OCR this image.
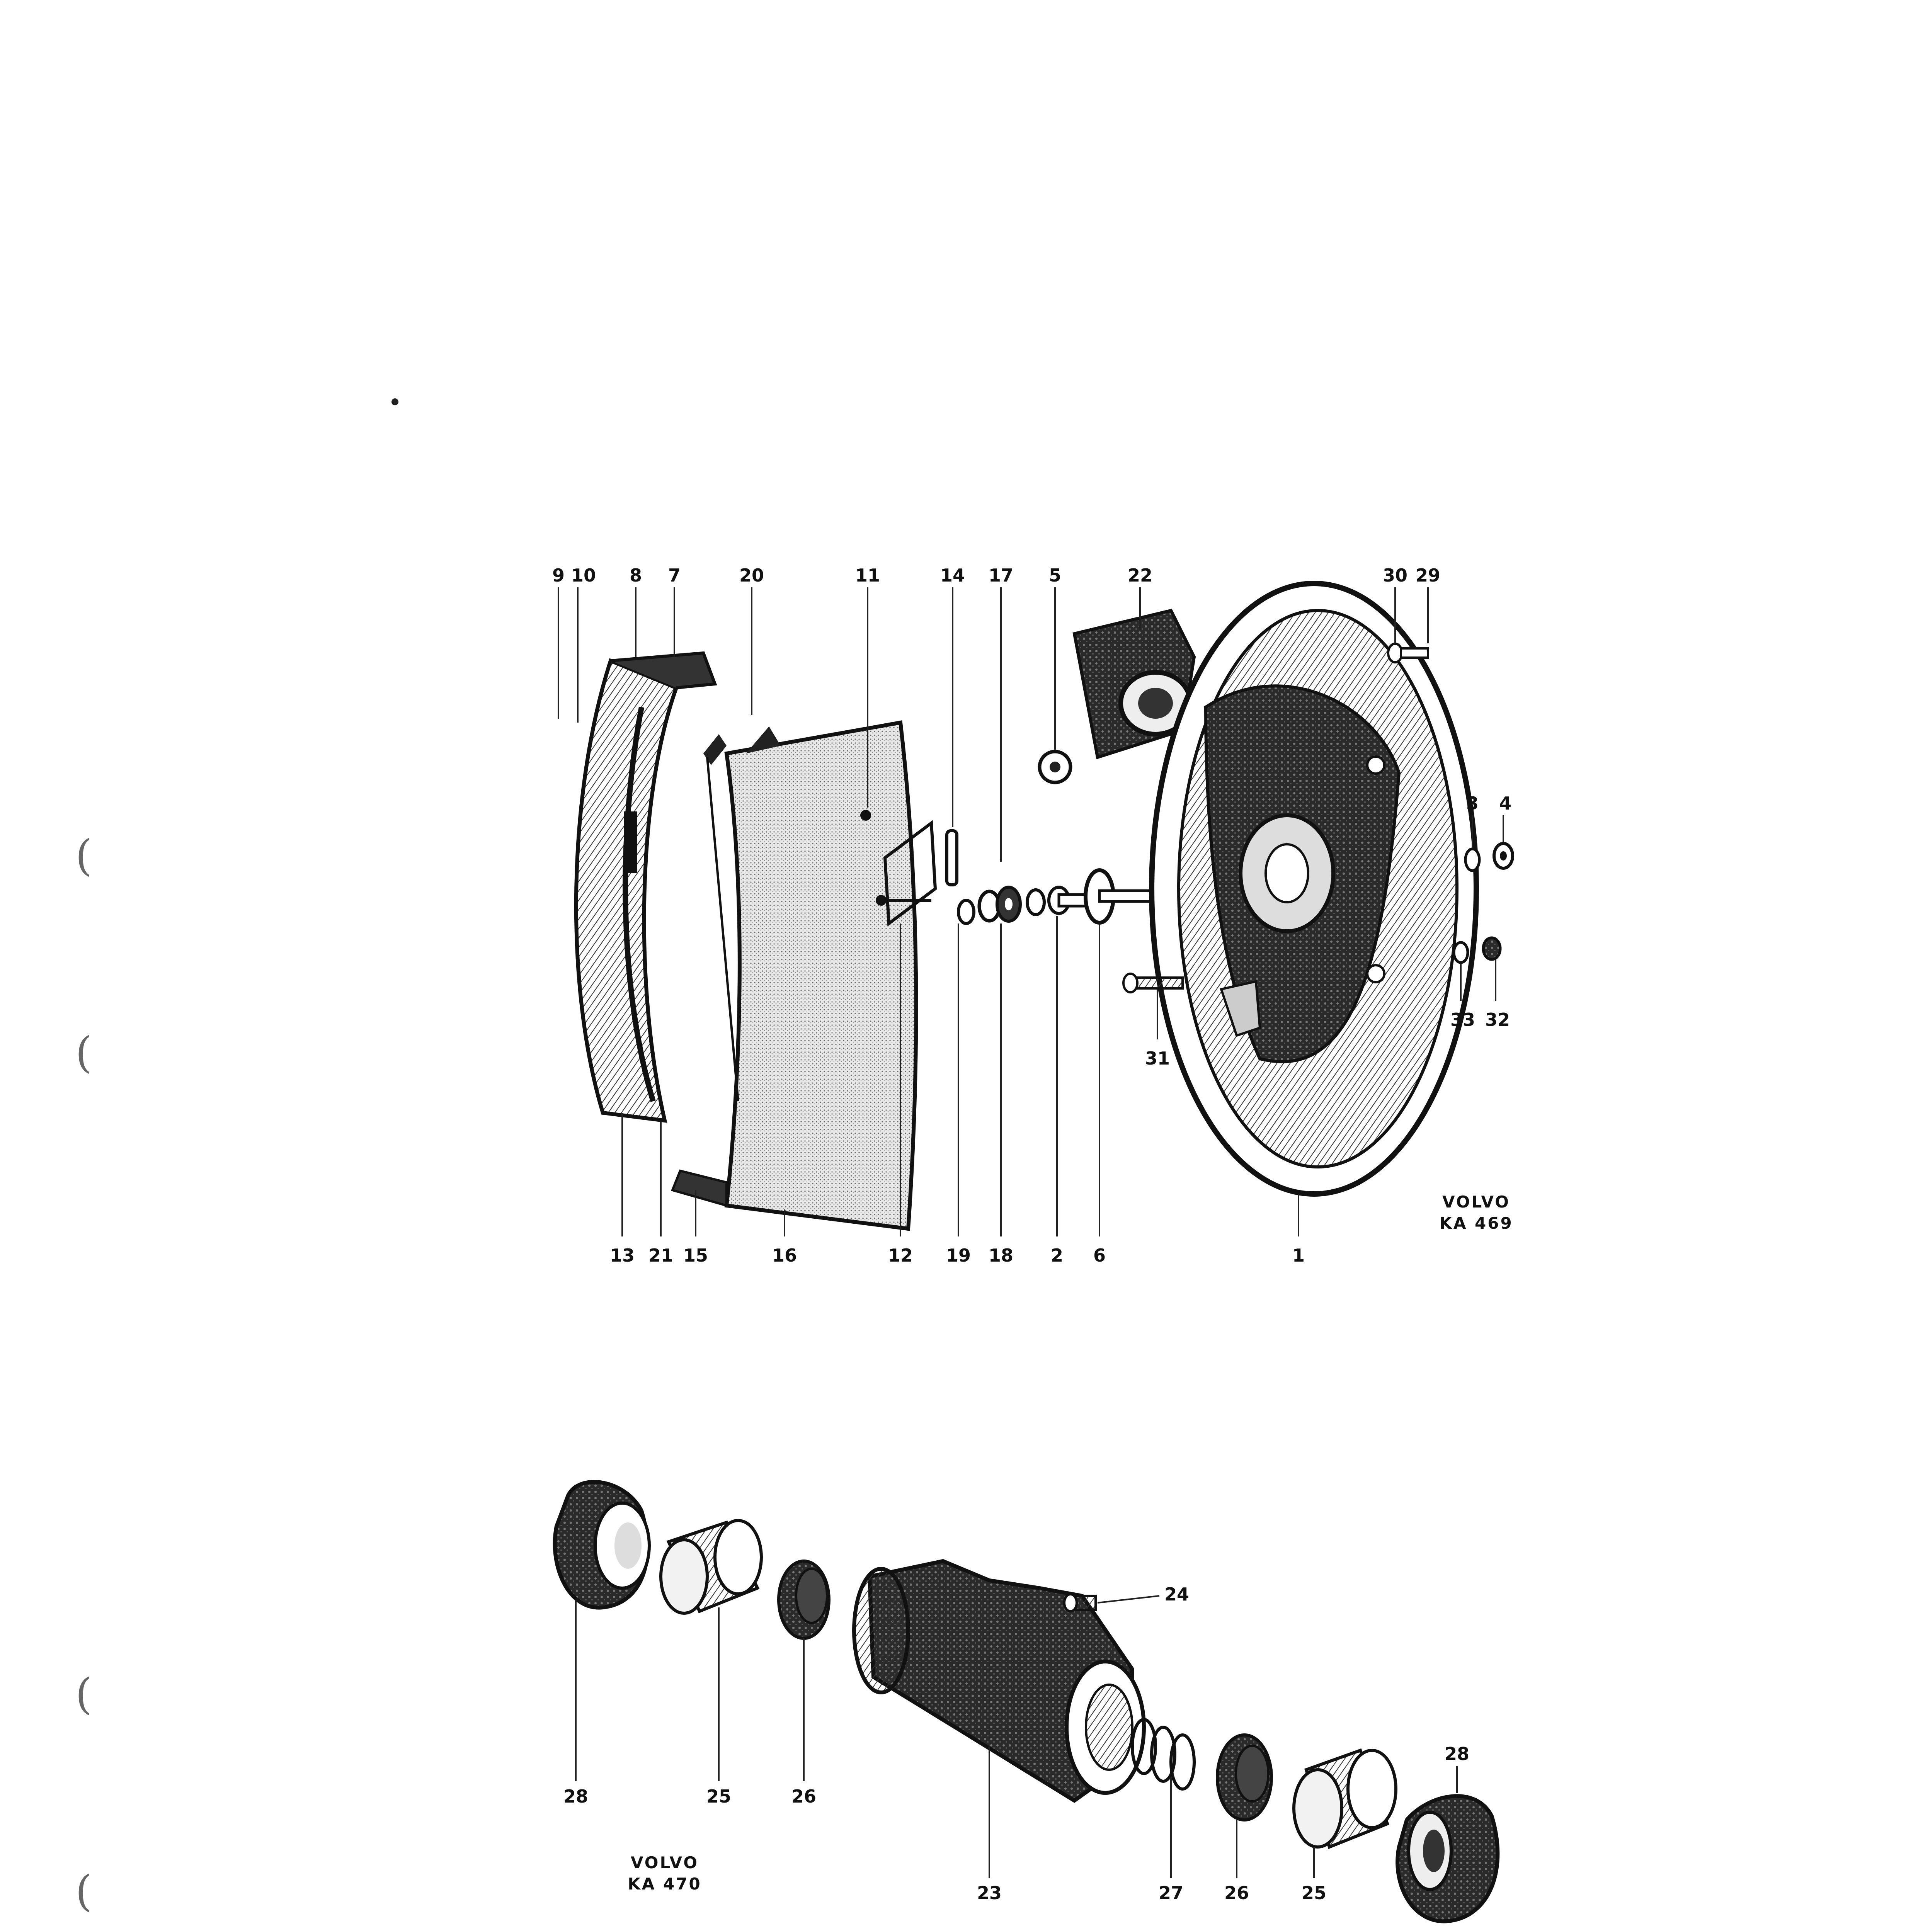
(
(
(
(
9 10 8 7	20	11	14 17 5	22	30 29
13 21 15	16	12 19 18 2 6	1
3 4
33 32
31
VOLVO
KA 469
24
28	25	26
23	27 26	25
28
VOLVO
KA 470
